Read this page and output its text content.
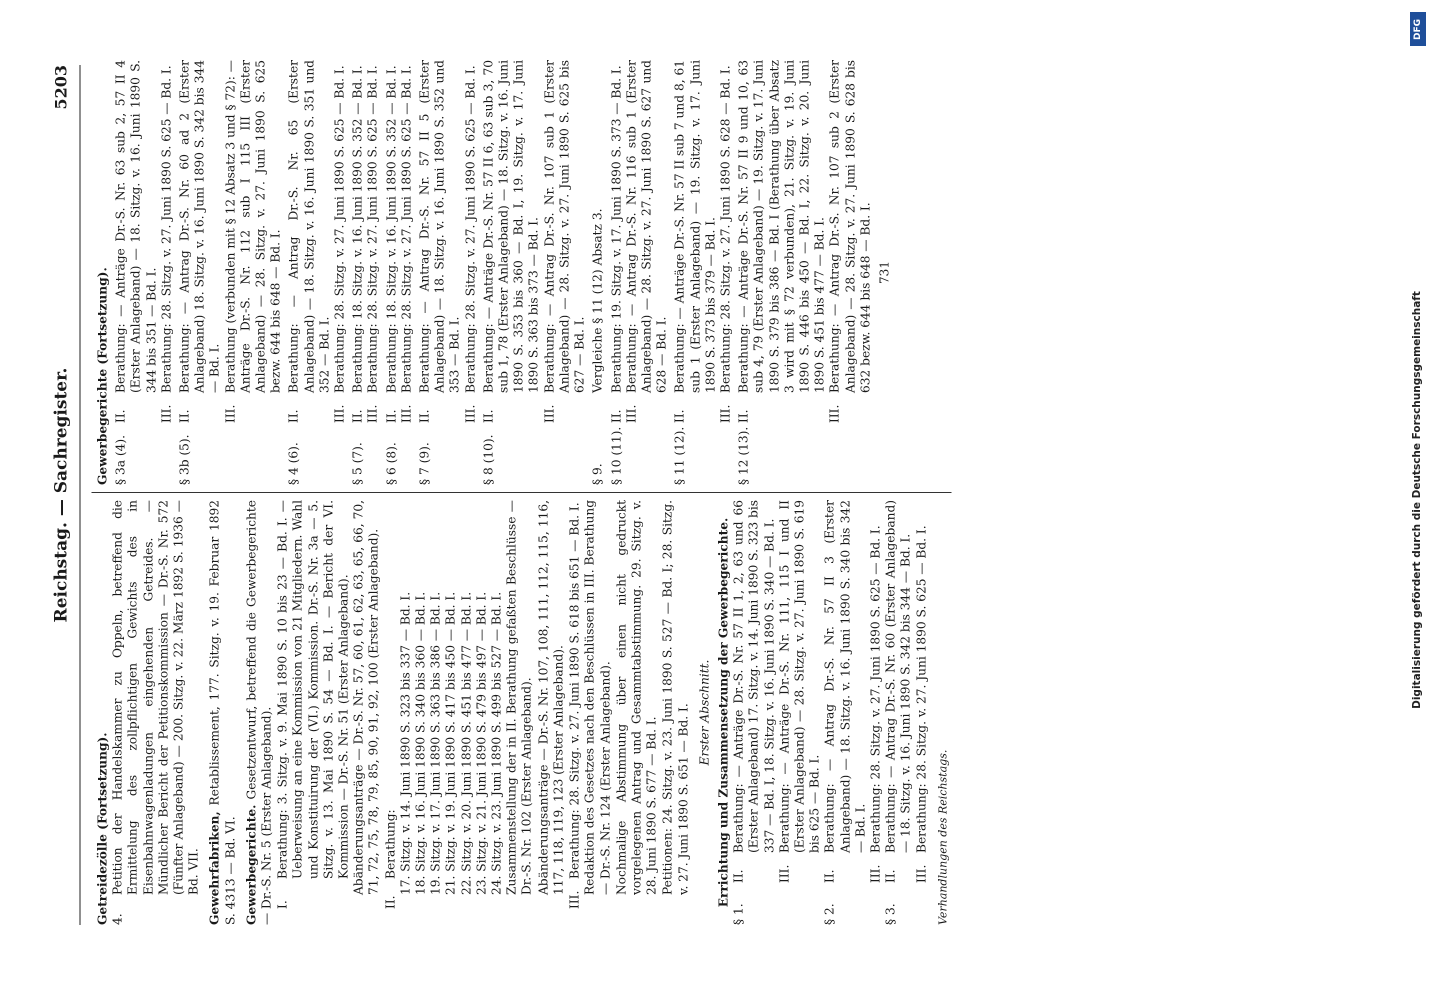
Reichstag. — Sachregister.
5203
Getreidezölle (Fortsetzung). 4.
Petition der Handelskammer zu Oppeln, betreffend die Ermittelung des zollpflichtigen Gewichts des in Eisenbahnwagenladungen eingehenden Getreides. — Mündlicher Bericht der Petitionskommission — Dr.-S. Nr. 572 (Fünfter Anlageband) — 200. Sitzg. v. 22. März 1892 S. 1936 — Bd. VII. Gewehrfabriken, Retablissement, 177. Sitzg. v. 19. Februar 1892 S. 4313 — Bd. VI. Gewerbegerichte. Gesetzentwurf, betreffend die Gewerbegerichte — Dr.-S. Nr. 5 (Erster Anlageband). I.
Berathung: 3. Sitzg. v. 9. Mai 1890 S. 10 bis 23 — Bd. I. — Ueberweisung an eine Kommission von 21 Mitgliedern. Wahl und Konstituirung der (VI.) Kommission. Dr.-S. Nr. 3a — 5. Sitzg. v. 13. Mai 1890 S. 54 — Bd. I. — Bericht der VI. Kommission — Dr.-S. Nr. 51 (Erster Anlageband). Abänderungsanträge — Dr.-S. Nr. 57, 60, 61, 62, 63, 65, 66, 70, 71, 72, 75, 78, 79, 85, 90, 91, 92, 100 (Erster Anlageband).
II.
Berathung: 17. Sitzg. v. 14. Juni 1890 S. 323 bis 337 — Bd. I. 18. Sitzg. v. 16. Juni 1890 S. 340 bis 360 — Bd. I. 19. Sitzg. v. 17. Juni 1890 S. 363 bis 386 — Bd. I. 21. Sitzg. v. 19. Juni 1890 S. 417 bis 450 — Bd. I. 22. Sitzg. v. 20. Juni 1890 S. 451 bis 477 — Bd. I. 23. Sitzg. v. 21. Juni 1890 S. 479 bis 497 — Bd. I. 24. Sitzg. v. 23. Juni 1890 S. 499 bis 527 — Bd. I. Zusammenstellung der in II. Berathung gefaßten Beschlüsse — Dr.-S. Nr. 102 (Erster Anlageband). Abänderungsanträge — Dr.-S. Nr. 107, 108, 111, 112, 115, 116, 117, 118, 119, 123 (Erster Anlageband).
III.
Berathung: 28. Sitzg. v. 27. Juni 1890 S. 618 bis 651 — Bd. I. Redaktion des Gesetzes nach den Beschlüssen in III. Berathung — Dr.-S. Nr. 124 (Erster Anlageband). Nochmalige Abstimmung über einen nicht gedruckt vorgelegenen Antrag und Gesammtabstimmung. 29. Sitzg. v. 28. Juni 1890 S. 677 — Bd. I. Petitionen: 24. Sitzg. v. 23. Juni 1890 S. 527 — Bd. I; 28. Sitzg. v. 27. Juni 1890 S. 651 — Bd. I. Erster Abschnitt. Errichtung und Zusammensetzung der Gewerbegerichte.
§ 1.
II.
Berathung: — Anträge Dr.-S. Nr. 57 II 1, 2, 63 und 66 (Erster Anlageband) 17. Sitzg. v. 14. Juni 1890 S. 323 bis 337 — Bd. I, 18. Sitzg. v. 16. Juni 1890 S. 340 — Bd. I.
III.
Berathung: — Anträge Dr.-S. Nr. 111, 115 I und II (Erster Anlageband) — 28. Sitzg. v. 27. Juni 1890 S. 619 bis 625 — Bd. I.
§ 2.
II.
Berathung: — Antrag Dr.-S. Nr. 57 II 3 (Erster Anlageband) — 18. Sitzg. v. 16. Juni 1890 S. 340 bis 342 — Bd. I.
III.
Berathung: 28. Sitzg. v. 27. Juni 1890 S. 625 — Bd. I.
§ 3.
II.
Berathung: — Antrag Dr.-S. Nr. 60 (Erster Anlageband) — 18. Sitzg. v. 16. Juni 1890 S. 342 bis 344 — Bd. I.
III.
Berathung: 28. Sitzg. v. 27. Juni 1890 S. 625 — Bd. I. Verhandlungen des Reichstags.
Gewerbegerichte (Fortsetzung). § 3a (4).
II.
Berathung: — Anträge Dr.-S. Nr. 63 sub 2, 57 II 4 (Erster Anlageband) — 18. Sitzg. v. 16. Juni 1890 S. 344 bis 351 — Bd. I.
III.
Berathung: 28. Sitzg. v. 27. Juni 1890 S. 625 — Bd. I.
§ 3b (5).
II.
Berathung: — Antrag Dr.-S. Nr. 60 ad 2 (Erster Anlageband) 18. Sitzg. v. 16. Juni 1890 S. 342 bis 344 — Bd. I.
III.
Berathung (verbunden mit § 12 Absatz 3 und § 72): — Anträge Dr.-S. Nr. 112 sub I 115 III (Erster Anlageband) — 28. Sitzg. v. 27. Juni 1890 S. 625 bezw. 644 bis 648 — Bd. I.
§ 4 (6).
II.
Berathung: — Antrag Dr.-S. Nr. 65 (Erster Anlageband) — 18. Sitzg. v. 16. Juni 1890 S. 351 und 352 — Bd. I.
III.
Berathung: 28. Sitzg. v. 27. Juni 1890 S. 625 — Bd. I.
§ 5 (7).
II.
Berathung: 18. Sitzg. v. 16. Juni 1890 S. 352 — Bd. I.
III.
Berathung: 28. Sitzg. v. 27. Juni 1890 S. 625 — Bd. I.
§ 6 (8).
II.
Berathung: 18. Sitzg. v. 16. Juni 1890 S. 352 — Bd. I.
III.
Berathung: 28. Sitzg. v. 27. Juni 1890 S. 625 — Bd. I.
§ 7 (9).
II.
Berathung: — Antrag Dr.-S. Nr. 57 II 5 (Erster Anlageband) — 18. Sitzg. v. 16. Juni 1890 S. 352 und 353 — Bd. I.
III.
Berathung: 28. Sitzg. v. 27. Juni 1890 S. 625 — Bd. I.
§ 8 (10).
II.
Berathung: — Anträge Dr.-S. Nr. 57 II 6, 63 sub 3, 70 sub 1, 78 (Erster Anlageband) — 18. Sitzg. v. 16. Juni 1890 S. 353 bis 360 — Bd. I, 19. Sitzg. v. 17. Juni 1890 S. 363 bis 373 — Bd. I.
III.
Berathung: — Antrag Dr.-S. Nr. 107 sub 1 (Erster Anlageband) — 28. Sitzg. v. 27. Juni 1890 S. 625 bis 627 — Bd. I.
§ 9.
Vergleiche § 11 (12) Absatz 3.
§ 10 (11).
II.
Berathung: 19. Sitzg. v. 17. Juni 1890 S. 373 — Bd. I.
III.
Berathung: — Antrag Dr.-S. Nr. 116 sub 1 (Erster Anlageband) — 28. Sitzg. v. 27. Juni 1890 S. 627 und 628 — Bd. I.
§ 11 (12).
II.
Berathung: — Anträge Dr.-S. Nr. 57 II sub 7 und 8, 61 sub 1 (Erster Anlageband) — 19. Sitzg. v. 17. Juni 1890 S. 373 bis 379 — Bd. I.
III.
Berathung: 28. Sitzg. v. 27. Juni 1890 S. 628 — Bd. I.
§ 12 (13).
II.
Berathung: — Anträge Dr.-S. Nr. 57 II 9 und 10, 63 sub 4, 79 (Erster Anlageband) — 19. Sitzg. v. 17. Juni 1890 S. 379 bis 386 — Bd. I (Berathung über Absatz 3 wird mit § 72 verbunden), 21. Sitzg. v. 19. Juni 1890 S. 446 bis 450 — Bd. I, 22. Sitzg. v. 20. Juni 1890 S. 451 bis 477 — Bd. I.
III.
Berathung: — Antrag Dr.-S. Nr. 107 sub 2 (Erster Anlageband) — 28. Sitzg. v. 27. Juni 1890 S. 628 bis 632 bezw. 644 bis 648 — Bd. I. 731
DFG
Digitalisierung gefördert durch die Deutsche Forschungsgemeinschaft
